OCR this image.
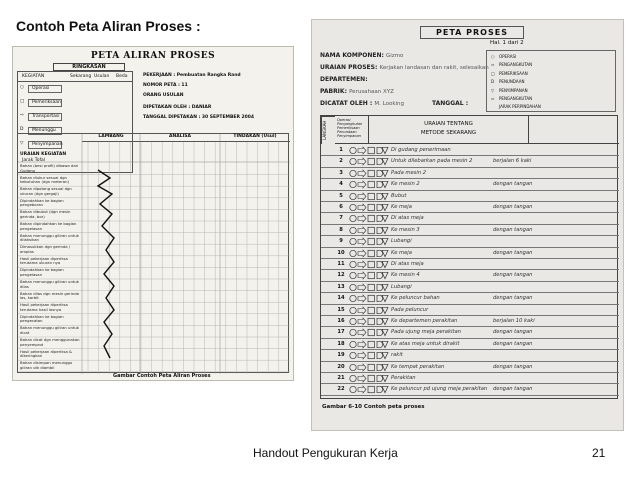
Contoh Peta Aliran Proses :
Handout Pengukuran Kerja	21
PETA ALIRAN PROSES
RINGKASAN
KEGIATAN	Sekarang Usulan Beda
○ Operasi
□ Pemeriksaan
⇨ Transportasi
D Menunggu
▽ Penyimpanan
Jarak Tofal
PEKERJAAN : Pembuatan Rangka Rand
NOMOR PETA : 11
ORANG USULAN
DIPETAKAN OLEH : DANIAR
TANGGAL DIPETAKAN : 30 SEPTEMBER 2004
LAMBANG	ANALISA	TINDAKAN (Usul)
URAIAN KEGIATAN
Bahan (besi profil) dibawa dari Gudang
Bahan diukur sesuai dgn kebutuhan (dgn meteran)
Bahan dipotong sesuai dgn ukuran (dgn gergaji)
Dipindahkan ke bagian pengeboran
Bahan dibubut (dgn mesin gerinda, bor)
Bahan dipindahkan ke bagian pengelasan
Bahan menunggu giliran untuk dilaksikan
Dimasukkan dgn gerinda / amplas
Hasil pekerjaan diperiksa terutama ukuran nya
Dipindahkan ke bagian pengelasan
Bahan menunggu giliran untuk dilas
Bahan dilas dgn mesin gerinda las, karbit
Hasil pekerjaan diperiksa terutama hasil lasnya
Dipindahkan ke bagian pengecatan
Bahan menunggu giliran untuk dicat
Bahan dicat dgn menggunakan penyemprot
Hasil pekerjaan diperiksa & dikeringkan
Bahan disimpan menunggu giliran utk diambil
Gambar Contoh Peta Aliran Proses
PETA PROSES
Hal. 1 dari 2
NAMA KOMPONEN: Gizmo
URAIAN PROSES: Kerjakan landasan dan rakit, selesaikan
DEPARTEMEN:
PABRIK: Perusahaan XYZ
DICATAT OLEH : M. Looking	TANGGAL :
○ OPERASI
⇨ PENGANGKUTAN
□ PEMERIKSAAN
D PENUNDAAN
▽ PENYIMPANAN
⇨ PENGANGKUTAN
JARAK PERPINDAHAN
LANGKAH
Operasi Pengangkutan Pemeriksaan Penundaan Penyimpanan
URAIAN TENTANG
METODE SEKARANG
1	Di gudang penerimaan
2	Untuk dilebarkan pada mesin 2	berjalan 6 kaki
3	Pada mesin 2
4	Ke mesin 2	dengan tangan
5	Bubut
6	Ke meja	dengan tangan
7	Di atas meja
8	Ke mesin 3	dengan tangan
9	Lubangi
10	Ke meja	dengan tangan
11	Di atas meja
12	Ke mesin 4	dengan tangan
13	Lubangi
14	Ke peluncur bahan	dengan tangan
15	Pada peluncur
16	Ke departemen perakitan	berjalan 10 kaki
17	Pada ujung meja perakitan	dengan tangan
18	Ke atas meja untuk dirakit	dengan tangan
19	rakit
20	Ke tempat perakitan	dengan tangan
21	Perakitan
22	Ke peluncur pd ujung meja perakitan	dengan tangan
Gambar 6-10 Contoh peta proses
